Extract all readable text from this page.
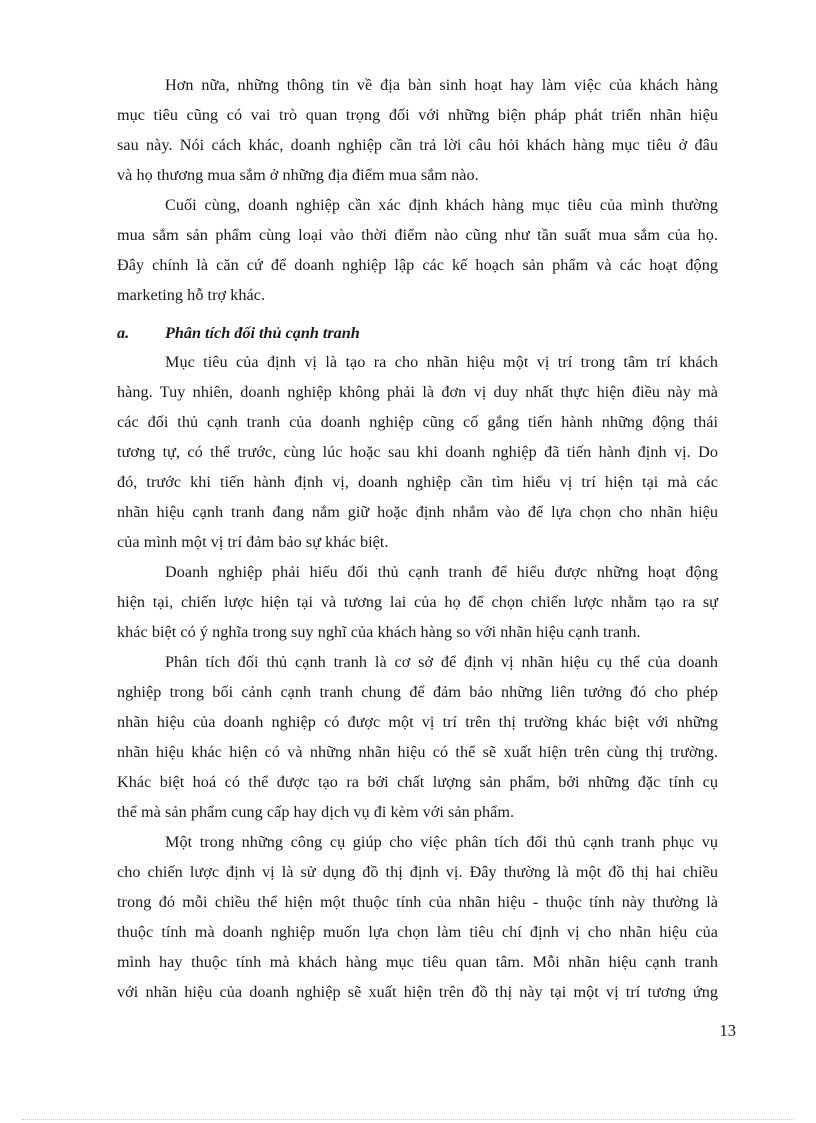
Hơn nữa, những thông tin về địa bàn sinh hoạt hay làm việc của khách hàng
mục tiêu cũng có vai trò quan trọng đối với những biện pháp phát triển nhãn hiệu
sau này. Nói cách khác, doanh nghiệp cần trả lời câu hỏi khách hàng mục tiêu ở đâu
và họ thương mua sắm ở những địa điểm mua sắm nào.
Cuối cùng, doanh nghiệp cần xác định khách hàng mục tiêu của mình thường
mua sắm sản phẩm cùng loại vào thời điểm nào cũng như tần suất mua sắm của họ.
Đây chính là căn cứ để doanh nghiệp lập các kế hoạch sản phẩm và các hoạt động
marketing hỗ trợ khác.
a. Phân tích đối thủ cạnh tranh
Mục tiêu của định vị là tạo ra cho nhãn hiệu một vị trí trong tâm trí khách
hàng. Tuy nhiên, doanh nghiệp không phải là đơn vị duy nhất thực hiện điều này mà
các đối thủ cạnh tranh của doanh nghiệp cũng cố gắng tiến hành những động thái
tương tự, có thể trước, cùng lúc hoặc sau khi doanh nghiệp đã tiến hành định vị. Do
đó, trước khi tiến hành định vị, doanh nghiệp cần tìm hiểu vị trí hiện tại mà các
nhãn hiệu cạnh tranh đang nắm giữ hoặc định nhắm vào để lựa chọn cho nhãn hiệu
của mình một vị trí đảm bảo sự khác biệt.
Doanh nghiệp phải hiểu đối thủ cạnh tranh để hiểu được những hoạt động
hiện tại, chiến lược hiện tại và tương lai của họ để chọn chiến lược nhằm tạo ra sự
khác biệt có ý nghĩa trong suy nghĩ của khách hàng so với nhãn hiệu cạnh tranh.
Phân tích đối thủ cạnh tranh là cơ sở để định vị nhãn hiệu cụ thể của doanh
nghiệp trong bối cảnh cạnh tranh chung để đảm bảo những liên tưởng đó cho phép
nhãn hiệu của doanh nghiệp có được một vị trí trên thị trường khác biệt với những
nhãn hiệu khác hiện có và những nhãn hiệu có thể sẽ xuất hiện trên cùng thị trường.
Khác biệt hoá có thể được tạo ra bởi chất lượng sản phẩm, bởi những đặc tính cụ
thể mà sản phẩm cung cấp hay dịch vụ đi kèm với sản phẩm.
Một trong những công cụ giúp cho việc phân tích đối thủ cạnh tranh phục vụ
cho chiến lược định vị là sử dụng đồ thị định vị. Đây thường là một đồ thị hai chiều
trong đó mỗi chiều thể hiện một thuộc tính của nhãn hiệu - thuộc tính này thường là
thuộc tính mà doanh nghiệp muốn lựa chọn làm tiêu chí định vị cho nhãn hiệu của
mình hay thuộc tính mà khách hàng mục tiêu quan tâm. Mỗi nhãn hiệu cạnh tranh
với nhãn hiệu của doanh nghiệp sẽ xuất hiện trên đồ thị này tại một vị trí tương ứng
13
